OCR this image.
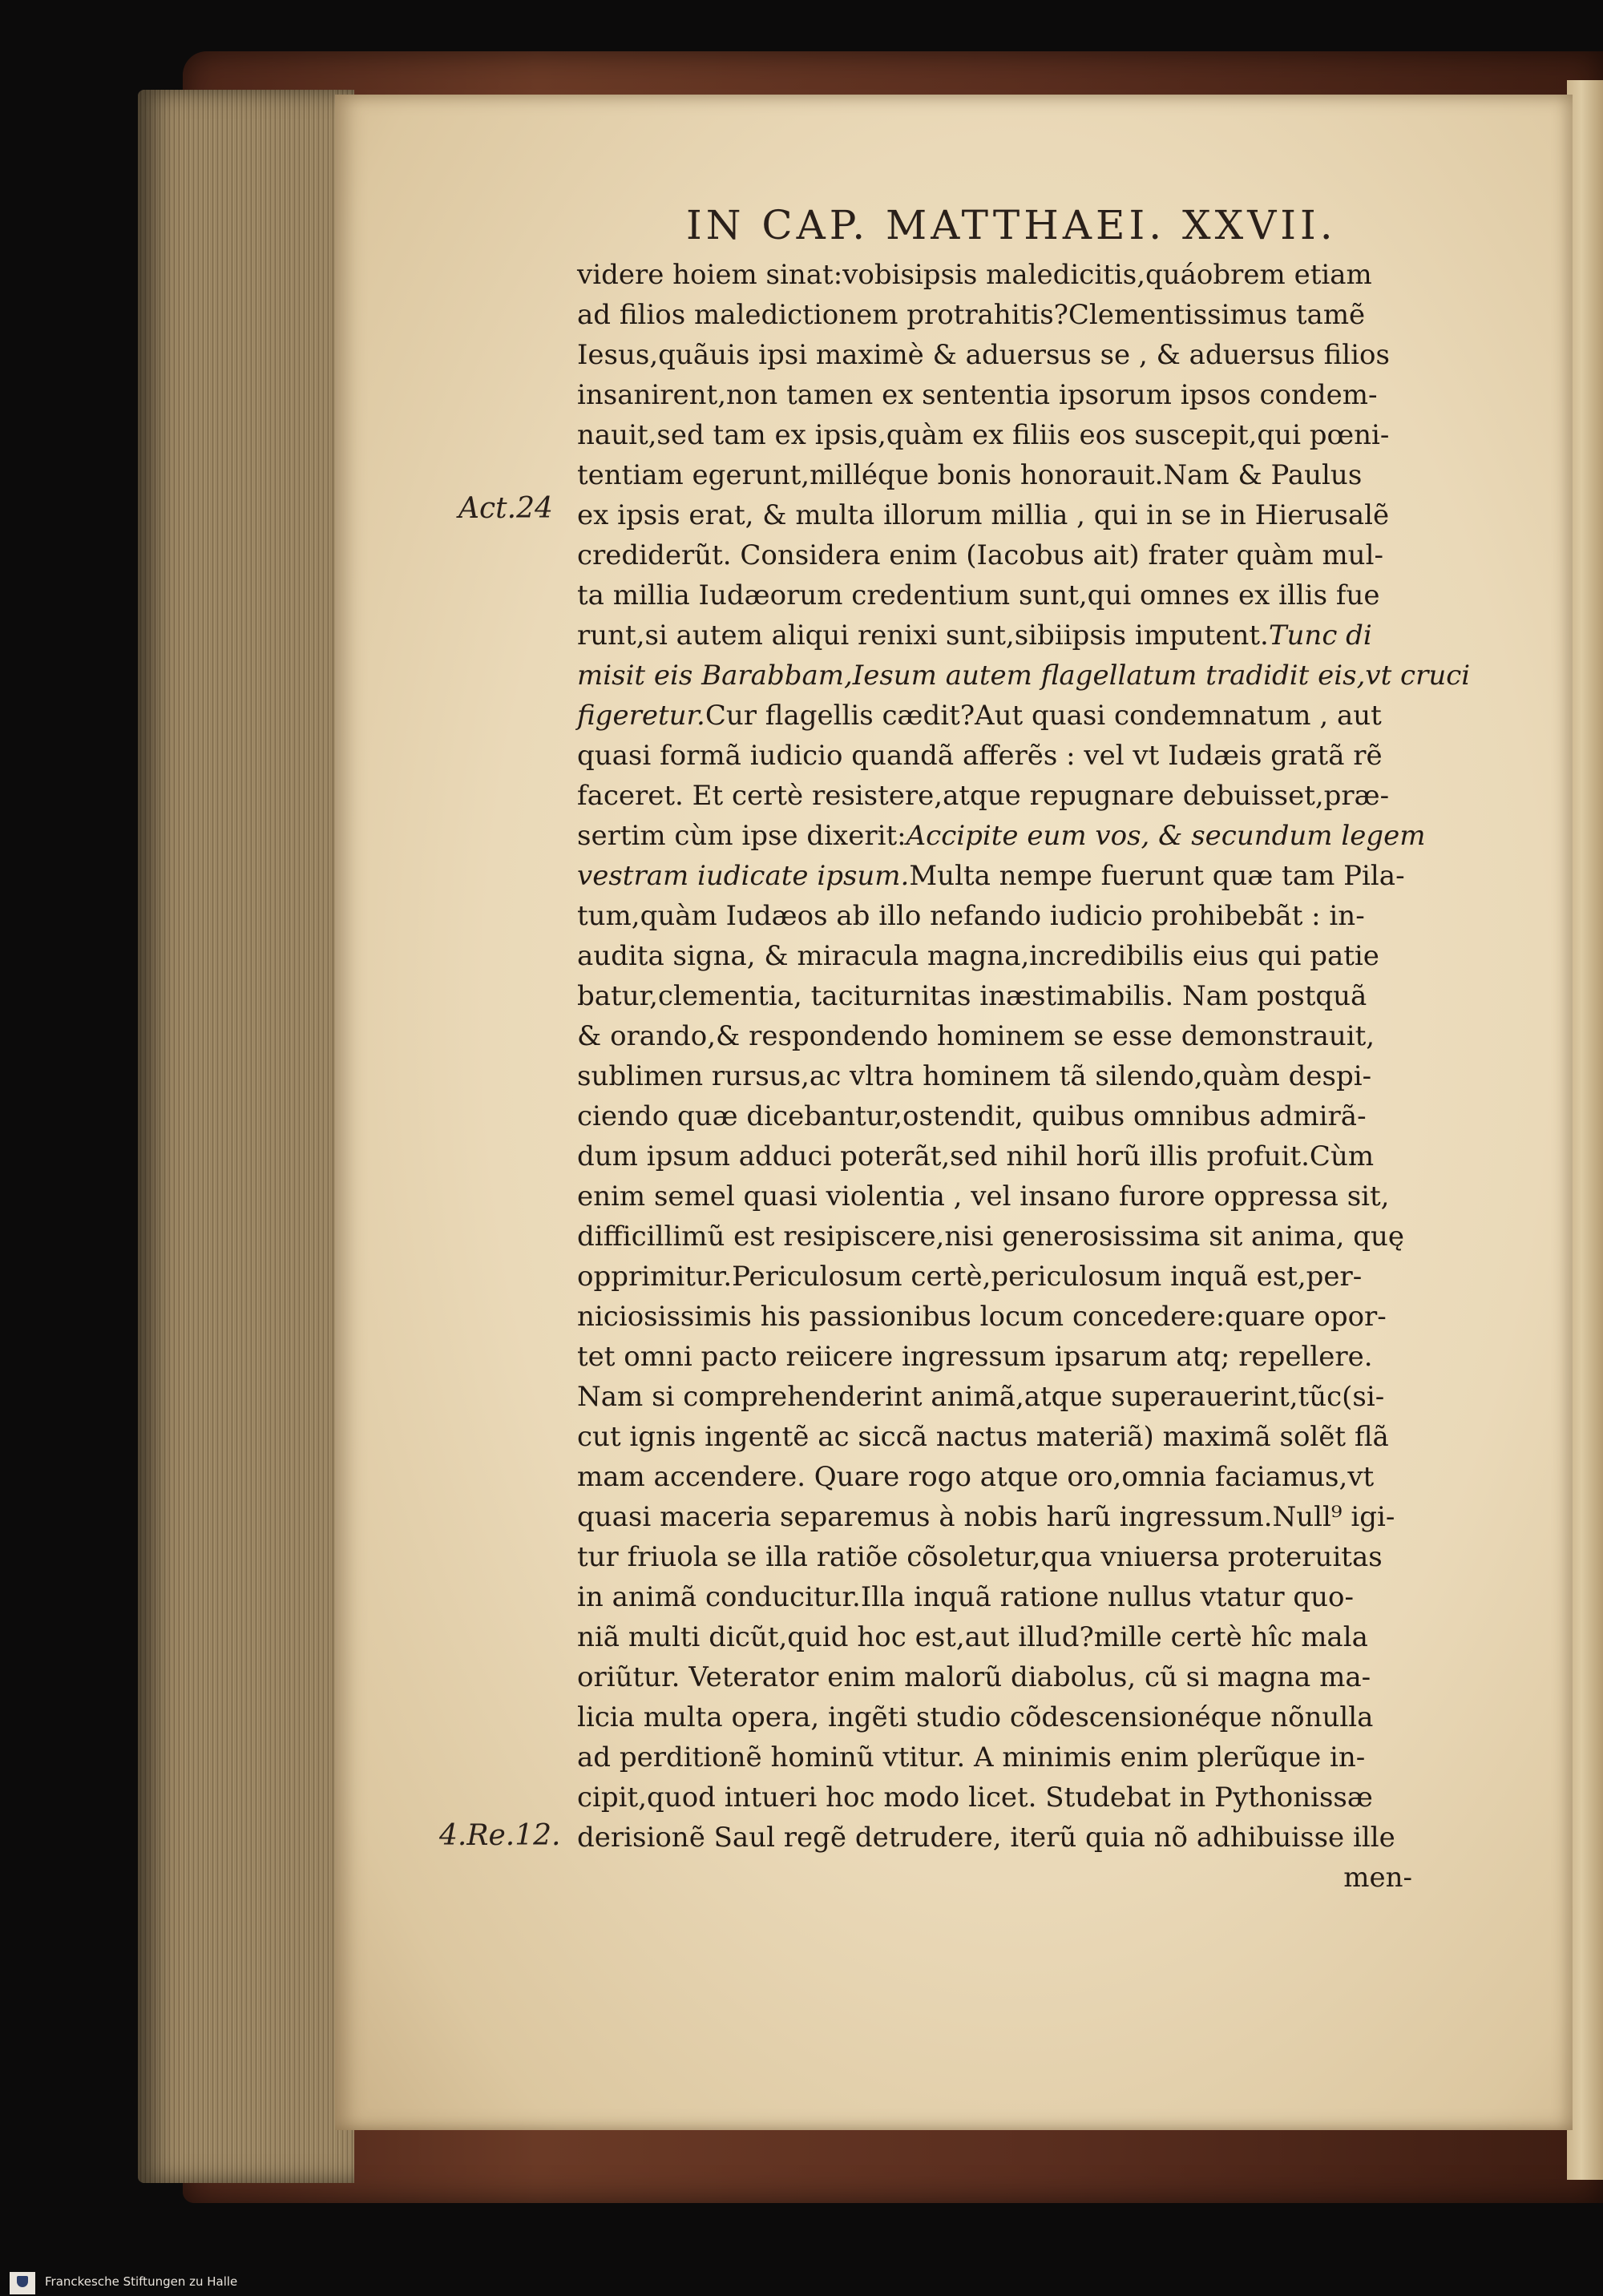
IN CAP. MATTHAEI. XXVII.
Act.24
4.Re.12.
videre hoiem sinat:vobisipsis maledicitis,quáobrem etiam
ad filios maledictionem protrahitis?Clementissimus tamẽ
Iesus,quãuis ipsi maximè & aduersus se , & aduersus filios
insanirent,non tamen ex sententia ipsorum ipsos condem-
nauit,sed tam ex ipsis,quàm ex filiis eos suscepit,qui pœni-
tentiam egerunt,milléque bonis honorauit.Nam & Paulus
ex ipsis erat, & multa illorum millia , qui in se in Hierusalẽ
crediderũt. Considera enim (Iacobus ait) frater quàm mul-
ta millia Iudæorum credentium sunt,qui omnes ex illis fue
runt,si autem aliqui renixi sunt,sibiipsis imputent.Tunc di
misit eis Barabbam,Iesum autem flagellatum tradidit eis,vt cruci
figeretur.Cur flagellis cædit?Aut quasi condemnatum , aut
quasi formã iudicio quandã afferẽs : vel vt Iudæis gratã rẽ
faceret. Et certè resistere,atque repugnare debuisset,præ-
sertim cùm ipse dixerit:Accipite eum vos, & secundum legem
vestram iudicate ipsum.Multa nempe fuerunt quæ tam Pila-
tum,quàm Iudæos ab illo nefando iudicio prohibebãt : in-
audita signa, & miracula magna,incredibilis eius qui patie
batur,clementia, taciturnitas inæstimabilis. Nam postquã
& orando,& respondendo hominem se esse demonstrauit,
sublimen rursus,ac vltra hominem tã silendo,quàm despi-
ciendo quæ dicebantur,ostendit, quibus omnibus admirã-
dum ipsum adduci poterãt,sed nihil horũ illis profuit.Cùm
enim semel quasi violentia , vel insano furore oppressa sit,
difficillimũ est resipiscere,nisi generosissima sit anima, quę
opprimitur.Periculosum certè,periculosum inquã est,per-
niciosissimis his passionibus locum concedere:quare opor-
tet omni pacto reiicere ingressum ipsarum atq; repellere.
Nam si comprehenderint animã,atque superauerint,tũc(si-
cut ignis ingentẽ ac siccã nactus materiã) maximã solẽt flã
mam accendere. Quare rogo atque oro,omnia faciamus,vt
quasi maceria separemus à nobis harũ ingressum.Null⁹ igi-
tur friuola se illa ratiõe cõsoletur,qua vniuersa proteruitas
in animã conducitur.Illa inquã ratione nullus vtatur quo-
niã multi dicũt,quid hoc est,aut illud?mille certè hîc mala
oriũtur. Veterator enim malorũ diabolus, cũ si magna ma-
licia multa opera, ingẽti studio cõdescensionéque nõnulla
ad perditionẽ hominũ vtitur. A minimis enim plerũque in-
cipit,quod intueri hoc modo licet. Studebat in Pythonissæ
derisionẽ Saul regẽ detrudere, iterũ quia nõ adhibuisse ille
men-
Franckesche Stiftungen zu Halle
